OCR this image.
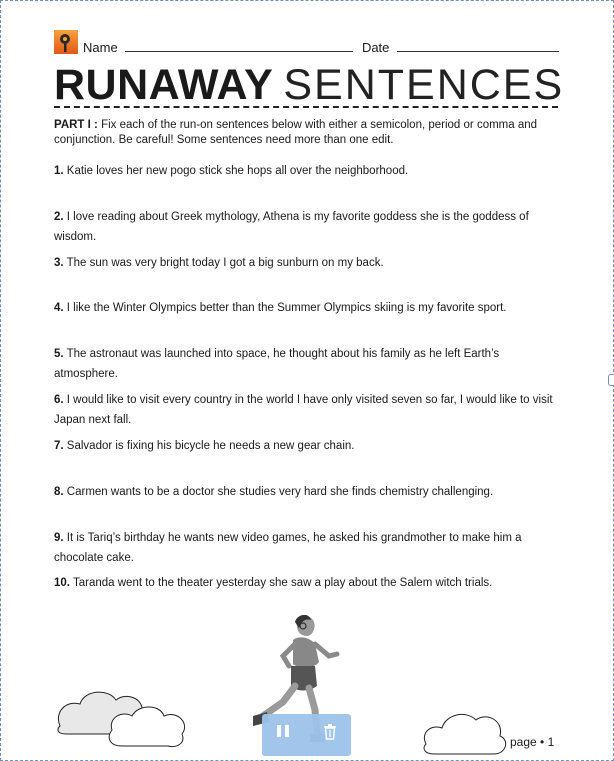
Name	Date
RUNAWAY SENTENCES
PART I : Fix each of the run-on sentences below with either a semicolon, period or comma and conjunction. Be careful! Some sentences need more than one edit.
1. Katie loves her new pogo stick she hops all over the neighborhood.
2. I love reading about Greek mythology, Athena is my favorite goddess she is the goddess of wisdom.
3. The sun was very bright today I got a big sunburn on my back.
4. I like the Winter Olympics better than the Summer Olympics skiing is my favorite sport.
5. The astronaut was launched into space, he thought about his family as he left Earth’s atmosphere.
6. I would like to visit every country in the world I have only visited seven so far, I would like to visit Japan next fall.
7. Salvador is fixing his bicycle he needs a new gear chain.
8. Carmen wants to be a doctor she studies very hard she finds chemistry challenging.
9. It is Tariq’s birthday he wants new video games, he asked his grandmother to make him a chocolate cake.
10. Taranda went to the theater yesterday she saw a play about the Salem witch trials.
page • 1
